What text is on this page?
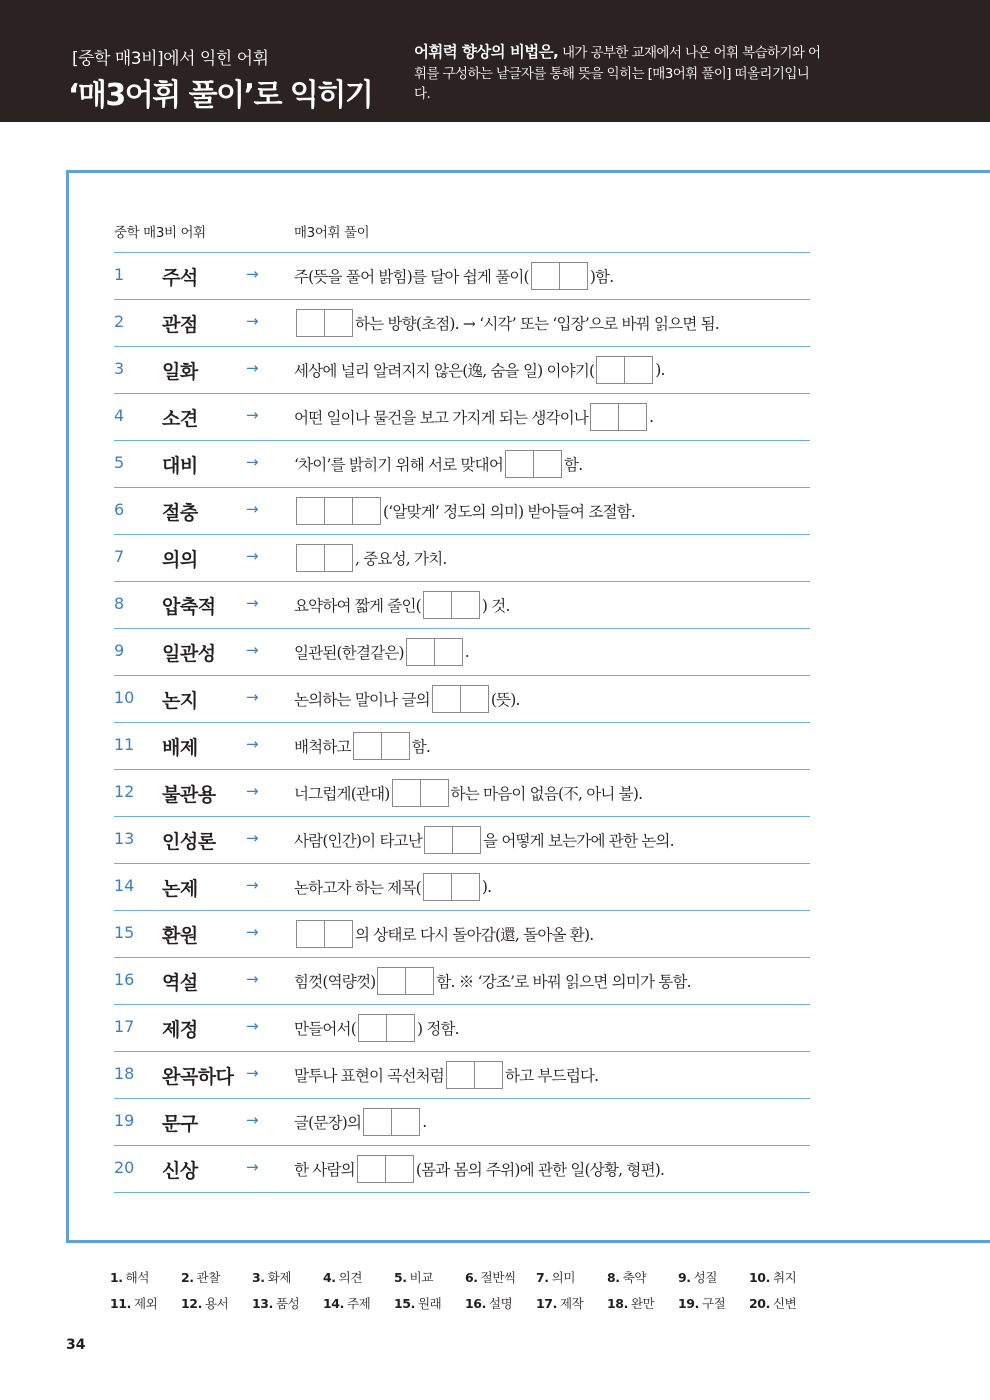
[중학 매3비]에서 익힌 어휘
‘매3어휘 풀이’로 익히기
어휘력 향상의 비법은, 내가 공부한 교재에서 나온 어휘 복습하기와 어휘를 구성하는 낱글자를 통해 뜻을 익히는 [매3어휘 풀이] 떠올리기입니다.
중학 매3비 어휘	매3어휘 풀이
1 주석	→ 주(뜻을 풀어 밝힘)를 달아 쉽게 풀이(	)함.
2 관점	→	하는 방향(초점). → ‘시각’ 또는 ‘입장’으로 바꿔 읽으면 됨.
3 일화	→ 세상에 널리 알려지지 않은(逸, 숨을 일) 이야기(	).
4 소견	→ 어떤 일이나 물건을 보고 가지게 되는 생각이나	.
5 대비	→ ‘차이’를 밝히기 위해 서로 맞대어	함.
6 절충	→	(‘알맞게’ 정도의 의미) 받아들여 조절함.
7 의의	→	, 중요성, 가치.
8 압축적 → 요약하여 짧게 줄인(	) 것.
9 일관성 → 일관된(한결같은)	.
10 논지	→ 논의하는 말이나 글의	(뜻).
11 배제	→ 배척하고	함.
12 불관용 → 너그럽게(관대)	하는 마음이 없음(不, 아니 불).
13 인성론 → 사람(인간)이 타고난	을 어떻게 보는가에 관한 논의.
14 논제	→ 논하고자 하는 제목(	).
15 환원	→	의 상태로 다시 돌아감(還, 돌아올 환).
16 역설	→ 힘껏(역량껏)	함. ※ ‘강조’로 바꿔 읽으면 의미가 통함.
17 제정	→ 만들어서(	) 정함.
18 완곡하다 → 말투나 표현이 곡선처럼	하고 부드럽다.
19 문구	→ 글(문장)의	.
20 신상	→ 한 사람의	(몸과 몸의 주위)에 관한 일(상황, 형편).
1. 해석	2. 관찰	3. 화제	4. 의견	5. 비교	6. 절반씩 7. 의미	8. 축약	9. 성질	10. 취지
11. 제외 12. 용서 13. 품성 14. 주제 15. 원래 16. 설명 17. 제작 18. 완만 19. 구절 20. 신변
34
